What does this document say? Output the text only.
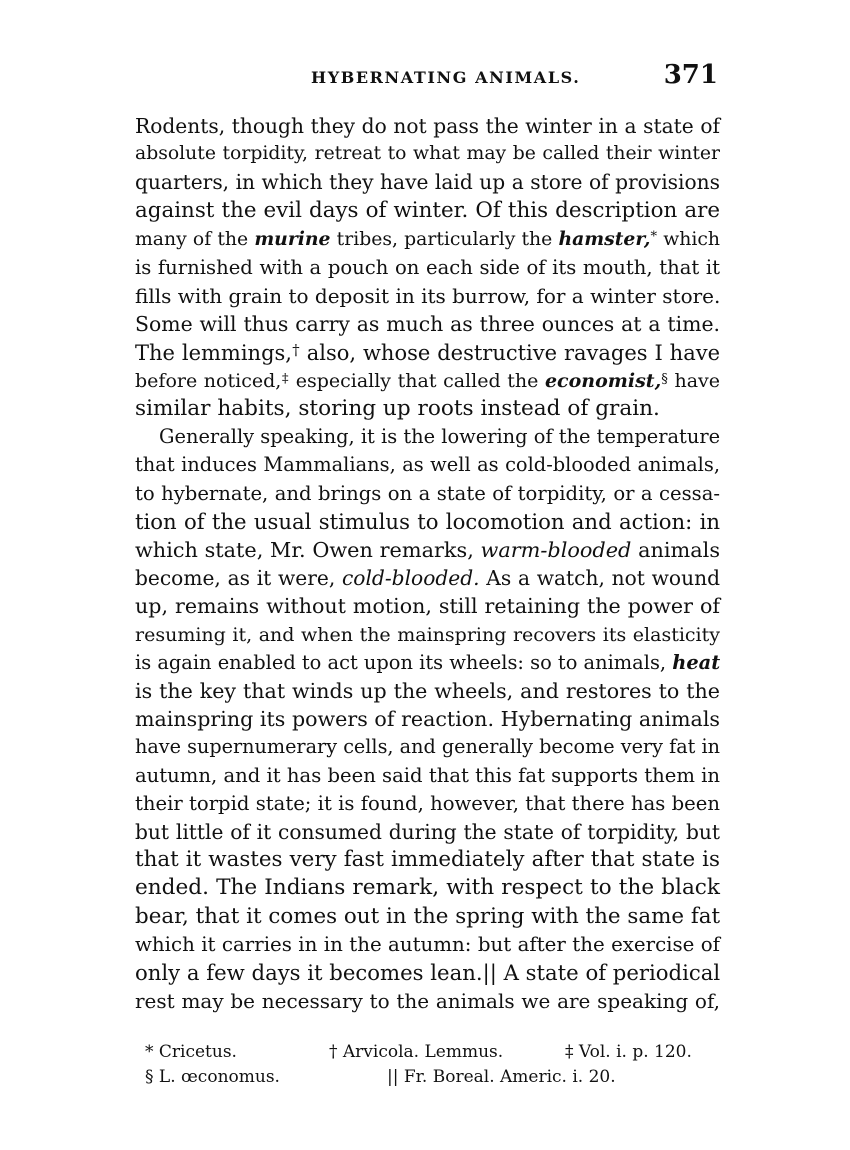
HYBERNATING ANIMALS.	371

Rodents, though they do not pass the winter in a state of
absolute torpidity, retreat to what may be called their winter
quarters, in which they have laid up a store of provisions
against the evil days of winter. Of this description are
many of the murine tribes, particularly the hamster,* which
is furnished with a pouch on each side of its mouth, that it
fills with grain to deposit in its burrow, for a winter store.
Some will thus carry as much as three ounces at a time.
The lemmings,† also, whose destructive ravages I have
before noticed,‡ especially that called the economist,§ have
similar habits, storing up roots instead of grain.

Generally speaking, it is the lowering of the temperature
that induces Mammalians, as well as cold-blooded animals,
to hybernate, and brings on a state of torpidity, or a cessa-
tion of the usual stimulus to locomotion and action: in
which state, Mr. Owen remarks, warm-blooded animals
become, as it were, cold-blooded. As a watch, not wound
up, remains without motion, still retaining the power of
resuming it, and when the mainspring recovers its elasticity
is again enabled to act upon its wheels: so to animals, heat
is the key that winds up the wheels, and restores to the
mainspring its powers of reaction. Hybernating animals
have supernumerary cells, and generally become very fat in
autumn, and it has been said that this fat supports them in
their torpid state; it is found, however, that there has been
but little of it consumed during the state of torpidity, but
that it wastes very fast immediately after that state is
ended. The Indians remark, with respect to the black
bear, that it comes out in the spring with the same fat
which it carries in in the autumn: but after the exercise of
only a few days it becomes lean.|| A state of periodical
rest may be necessary to the animals we are speaking of,

* Cricetus.	† Arvicola. Lemmus.	‡ Vol. i. p. 120.
§ L. œconomus.	|| Fr. Boreal. Americ. i. 20.
